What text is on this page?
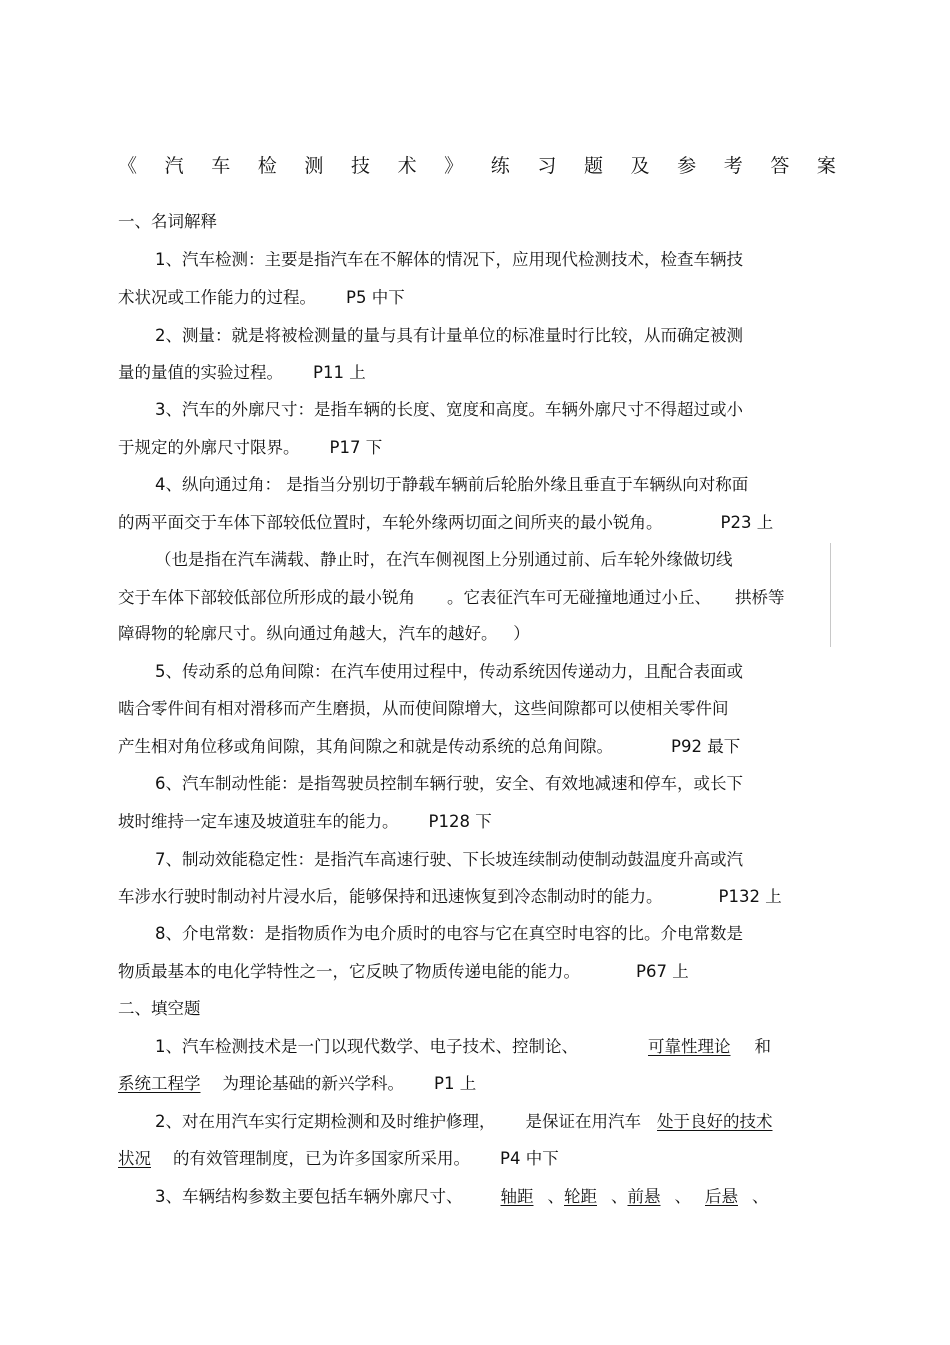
《 汽 车 检 测 技 术 》 练 习 题 及 参 考 答 案
一、名词解释
1、汽车检测：主要是指汽车在不解体的情况下，应用现代检测技术，检查车辆技
术状况或工作能力的过程。 P5 中下
2、测量：就是将被检测量的量与具有计量单位的标准量时行比较，从而确定被测
量的量值的实验过程。 P11 上
3、汽车的外廓尺寸：是指车辆的长度、宽度和高度。车辆外廓尺寸不得超过或小
于规定的外廓尺寸限界。 P17 下
4、纵向通过角： 是指当分别切于静载车辆前后轮胎外缘且垂直于车辆纵向对称面
的两平面交于车体下部较低位置时，车轮外缘两切面之间所夹的最小锐角。	P23 上
（也是指在汽车满载、静止时，在汽车侧视图上分别通过前、后车轮外缘做切线
交于车体下部较低部位所形成的最小锐角 。它表征汽车可无碰撞地通过小丘、 拱桥等
障碍物的轮廓尺寸。纵向通过角越大，汽车的越好。 ）
5、传动系的总角间隙：在汽车使用过程中，传动系统因传递动力，且配合表面或
啮合零件间有相对滑移而产生磨损，从而使间隙增大，这些间隙都可以使相关零件间
产生相对角位移或角间隙，其角间隙之和就是传动系统的总角间隙。	P92 最下
6、汽车制动性能：是指驾驶员控制车辆行驶，安全、有效地减速和停车，或长下
坡时维持一定车速及坡道驻车的能力。 P128 下
7、制动效能稳定性：是指汽车高速行驶、下长坡连续制动使制动鼓温度升高或汽
车涉水行驶时制动衬片浸水后，能够保持和迅速恢复到冷态制动时的能力。	P132 上
8、介电常数：是指物质作为电介质时的电容与它在真空时电容的比。介电常数是
物质最基本的电化学特性之一，它反映了物质传递电能的能力。	P67 上
二、填空题
1、汽车检测技术是一门以现代数学、电子技术、控制论、	可靠性理论 和
系统工程学 为理论基础的新兴学科。 P1 上
2、对在用汽车实行定期检测和及时维护修理， 是保证在用汽车 处于良好的技术
状况 的有效管理制度，已为许多国家所采用。 P4 中下
3、车辆结构参数主要包括车辆外廓尺寸、 轴距 、轮距 、前悬 、 后悬 、
